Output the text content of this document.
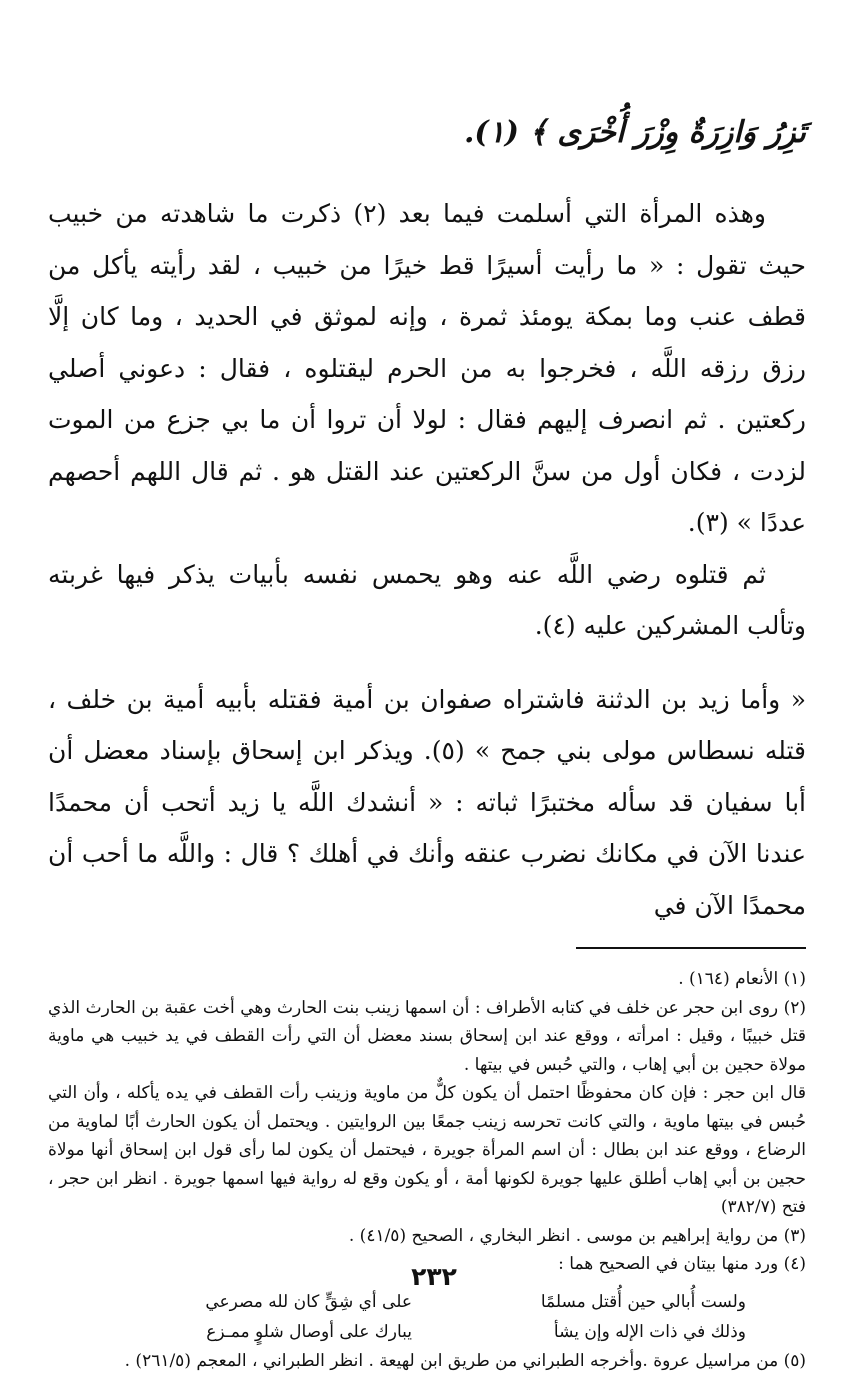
تَزِرُ وَازِرَةٌ وِزْرَ أُخْرَى ﴾ (١).

وهذه المرأة التي أسلمت فيما بعد (٢) ذكرت ما شاهدته من خبيب حيث تقول : « ما رأيت أسيرًا قط خيرًا من خبيب ، لقد رأيته يأكل من قطف عنب وما بمكة يومئذ ثمرة ، وإنه لموثق في الحديد ، وما كان إلَّا رزق رزقه اللَّه ، فخرجوا به من الحرم ليقتلوه ، فقال : دعوني أصلي ركعتين . ثم انصرف إليهم فقال : لولا أن تروا أن ما بي جزع من الموت لزدت ، فكان أول من سنَّ الركعتين عند القتل هو . ثم قال اللهم أحصهم عددًا » (٣).

ثم قتلوه رضي اللَّه عنه وهو يحمس نفسه بأبيات يذكر فيها غربته وتألب المشركين عليه (٤).

« وأما زيد بن الدثنة فاشتراه صفوان بن أمية فقتله بأبيه أمية بن خلف ، قتله نسطاس مولى بني جمح » (٥). ويذكر ابن إسحاق بإسناد معضل أن أبا سفيان قد سأله مختبرًا ثباته : « أنشدك اللَّه يا زيد أتحب أن محمدًا عندنا الآن في مكانك نضرب عنقه وأنك في أهلك ؟ قال : واللَّه ما أحب أن محمدًا الآن في

(١) الأنعام (١٦٤) .

(٢) روى ابن حجر عن خلف في كتابه الأطراف : أن اسمها زينب بنت الحارث وهي أخت عقبة بن الحارث الذي قتل خبيبًا ، وقيل : امرأته ، ووقع عند ابن إسحاق بسند معضل أن التي رأت القطف في يد خبيب هي ماوية مولاة حجين بن أبي إهاب ، والتي حُبس في بيتها .

قال ابن حجر : فإن كان محفوظًا احتمل أن يكون كلٌّ من ماوية وزينب رأت القطف في يده يأكله ، وأن التي حُبس في بيتها ماوية ، والتي كانت تحرسه زينب جمعًا بين الروايتين . ويحتمل أن يكون الحارث أبًا لماوية من الرضاع ، ووقع عند ابن بطال : أن اسم المرأة جويرة ، فيحتمل أن يكون لما رأى قول ابن إسحاق أنها مولاة حجين بن أبي إهاب أطلق عليها جويرة لكونها أمة ، أو يكون وقع له رواية فيها اسمها جويرة . انظر ابن حجر ، فتح (٣٨٢/٧)

(٣) من رواية إبراهيم بن موسى . انظر البخاري ، الصحيح (٤١/٥) .

(٤) ورد منها بيتان في الصحيح هما :

ولست أُبالي حين أُقتل مسلمًا
على أي شِقٍّ كان لله مصرعي
وذلك في ذات الإله وإن يشأ
يبارك على أوصال شلوٍ ممـزع

(٥) من مراسيل عروة .وأخرجه الطبراني من طريق ابن لهيعة . انظر الطبراني ، المعجم (٢٦١/٥) .

٢٣٢
